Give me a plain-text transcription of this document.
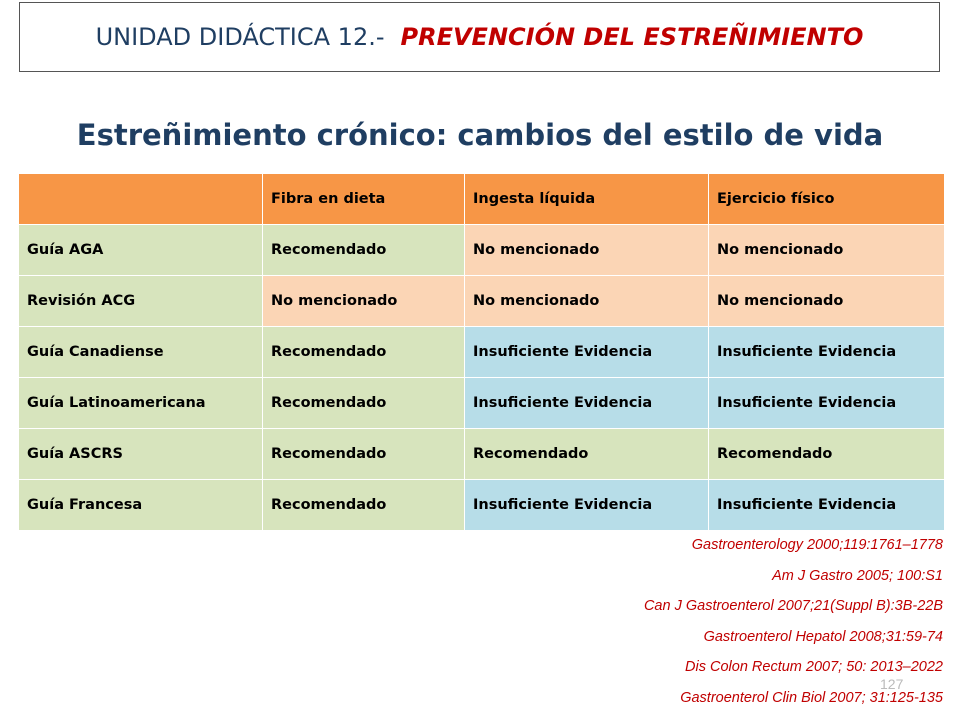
UNIDAD DIDÁCTICA 12.- PREVENCIÓN DEL ESTREÑIMIENTO
Estreñimiento crónico: cambios del estilo de vida
	Fibra en dieta	Ingesta líquida	Ejercicio físico
Guía AGA	Recomendado	No mencionado	No mencionado
Revisión ACG	No mencionado	No mencionado	No mencionado
Guía Canadiense	Recomendado	Insuficiente Evidencia	Insuficiente Evidencia
Guía Latinoamericana	Recomendado	Insuficiente Evidencia	Insuficiente Evidencia
Guía ASCRS	Recomendado	Recomendado	Recomendado
Guía Francesa	Recomendado	Insuficiente Evidencia	Insuficiente Evidencia
Gastroenterology 2000;119:1761–1778
Am J Gastro 2005; 100:S1
Can J Gastroenterol 2007;21(Suppl B):3B-22B
Gastroenterol Hepatol 2008;31:59-74
Dis Colon Rectum 2007; 50: 2013–2022
Gastroenterol Clin Biol 2007; 31:125-135
127
